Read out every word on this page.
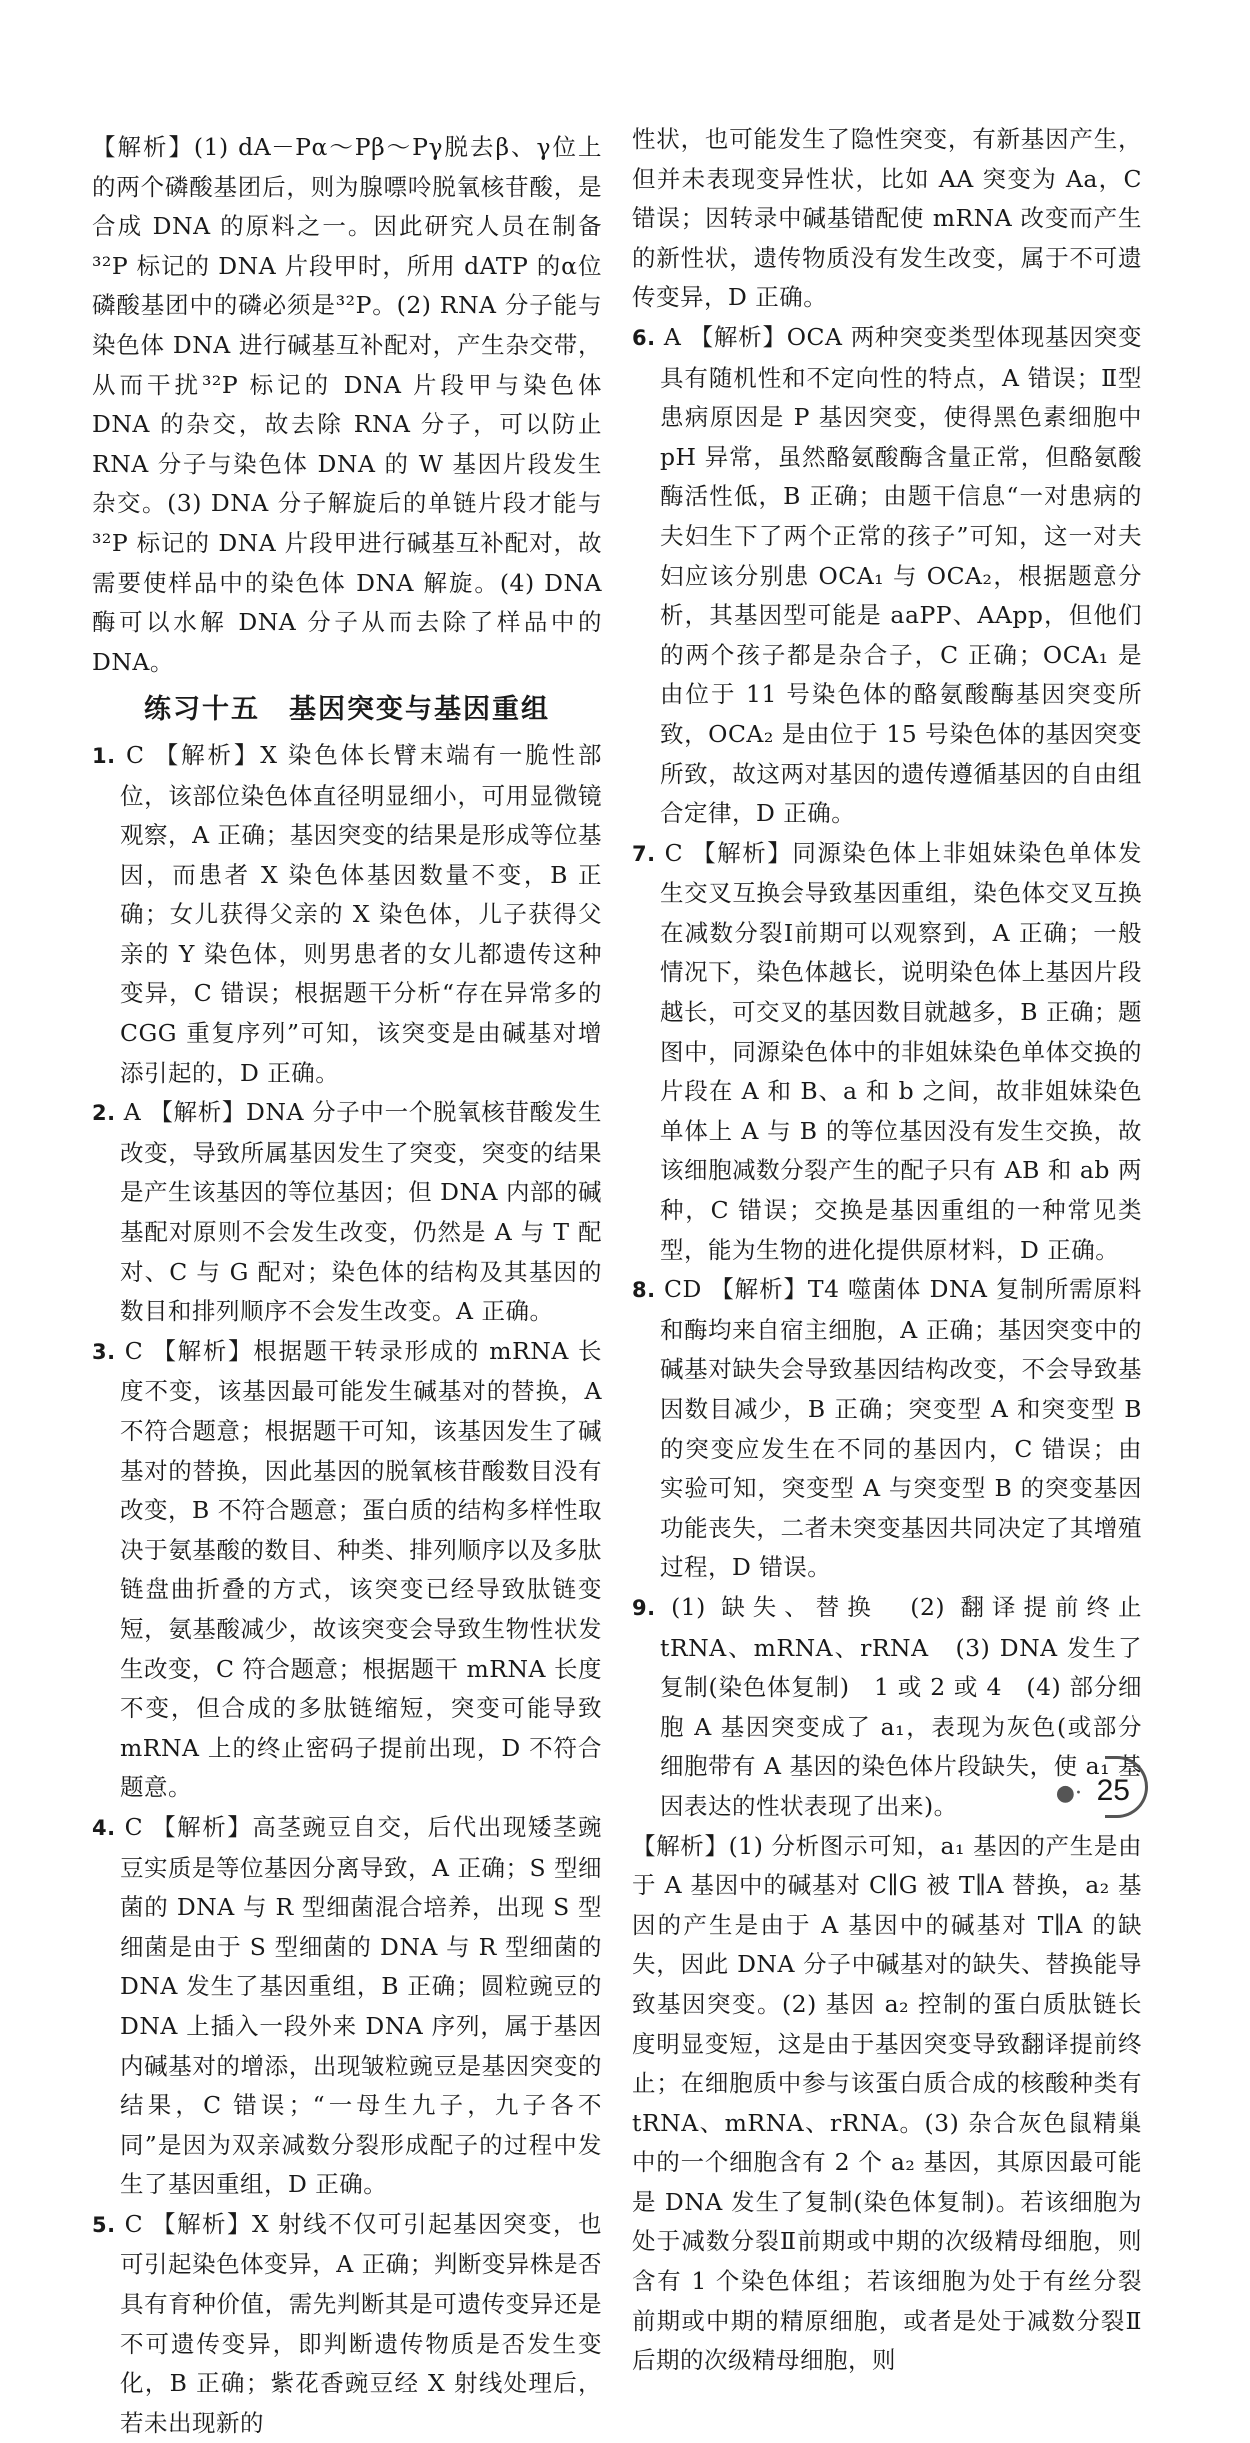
【解析】(1) dA－Pα～Pβ～Pγ脱去β、γ位上的两个磷酸基团后，则为腺嘌呤脱氧核苷酸，是合成 DNA 的原料之一。因此研究人员在制备³²P 标记的 DNA 片段甲时，所用 dATP 的α位磷酸基团中的磷必须是³²P。(2) RNA 分子能与染色体 DNA 进行碱基互补配对，产生杂交带，从而干扰³²P 标记的 DNA 片段甲与染色体 DNA 的杂交，故去除 RNA 分子，可以防止 RNA 分子与染色体 DNA 的 W 基因片段发生杂交。(3) DNA 分子解旋后的单链片段才能与³²P 标记的 DNA 片段甲进行碱基互补配对，故需要使样品中的染色体 DNA 解旋。(4) DNA 酶可以水解 DNA 分子从而去除了样品中的 DNA。

练习十五　基因突变与基因重组

1. C 【解析】X 染色体长臂末端有一脆性部位，该部位染色体直径明显细小，可用显微镜观察，A 正确；基因突变的结果是形成等位基因，而患者 X 染色体基因数量不变，B 正确；女儿获得父亲的 X 染色体，儿子获得父亲的 Y 染色体，则男患者的女儿都遗传这种变异，C 错误；根据题干分析“存在异常多的 CGG 重复序列”可知，该突变是由碱基对增添引起的，D 正确。

2. A 【解析】DNA 分子中一个脱氧核苷酸发生改变，导致所属基因发生了突变，突变的结果是产生该基因的等位基因；但 DNA 内部的碱基配对原则不会发生改变，仍然是 A 与 T 配对、C 与 G 配对；染色体的结构及其基因的数目和排列顺序不会发生改变。A 正确。

3. C 【解析】根据题干转录形成的 mRNA 长度不变，该基因最可能发生碱基对的替换，A 不符合题意；根据题干可知，该基因发生了碱基对的替换，因此基因的脱氧核苷酸数目没有改变，B 不符合题意；蛋白质的结构多样性取决于氨基酸的数目、种类、排列顺序以及多肽链盘曲折叠的方式，该突变已经导致肽链变短，氨基酸减少，故该突变会导致生物性状发生改变，C 符合题意；根据题干 mRNA 长度不变，但合成的多肽链缩短，突变可能导致 mRNA 上的终止密码子提前出现，D 不符合题意。

4. C 【解析】高茎豌豆自交，后代出现矮茎豌豆实质是等位基因分离导致，A 正确；S 型细菌的 DNA 与 R 型细菌混合培养，出现 S 型细菌是由于 S 型细菌的 DNA 与 R 型细菌的 DNA 发生了基因重组，B 正确；圆粒豌豆的 DNA 上插入一段外来 DNA 序列，属于基因内碱基对的增添，出现皱粒豌豆是基因突变的结果，C 错误；“一母生九子，九子各不同”是因为双亲减数分裂形成配子的过程中发生了基因重组，D 正确。

5. C 【解析】X 射线不仅可引起基因突变，也可引起染色体变异，A 正确；判断变异株是否具有育种价值，需先判断其是可遗传变异还是不可遗传变异，即判断遗传物质是否发生变化，B 正确；紫花香豌豆经 X 射线处理后，若未出现新的

性状，也可能发生了隐性突变，有新基因产生，但并未表现变异性状，比如 AA 突变为 Aa，C 错误；因转录中碱基错配使 mRNA 改变而产生的新性状，遗传物质没有发生改变，属于不可遗传变异，D 正确。

6. A 【解析】OCA 两种突变类型体现基因突变具有随机性和不定向性的特点，A 错误；Ⅱ型患病原因是 P 基因突变，使得黑色素细胞中 pH 异常，虽然酪氨酸酶含量正常，但酪氨酸酶活性低，B 正确；由题干信息“一对患病的夫妇生下了两个正常的孩子”可知，这一对夫妇应该分别患 OCA₁ 与 OCA₂，根据题意分析，其基因型可能是 aaPP、AApp，但他们的两个孩子都是杂合子，C 正确；OCA₁ 是由位于 11 号染色体的酪氨酸酶基因突变所致，OCA₂ 是由位于 15 号染色体的基因突变所致，故这两对基因的遗传遵循基因的自由组合定律，D 正确。

7. C 【解析】同源染色体上非姐妹染色单体发生交叉互换会导致基因重组，染色体交叉互换在减数分裂Ⅰ前期可以观察到，A 正确；一般情况下，染色体越长，说明染色体上基因片段越长，可交叉的基因数目就越多，B 正确；题图中，同源染色体中的非姐妹染色单体交换的片段在 A 和 B、a 和 b 之间，故非姐妹染色单体上 A 与 B 的等位基因没有发生交换，故该细胞减数分裂产生的配子只有 AB 和 ab 两种，C 错误；交换是基因重组的一种常见类型，能为生物的进化提供原材料，D 正确。

8. CD 【解析】T4 噬菌体 DNA 复制所需原料和酶均来自宿主细胞，A 正确；基因突变中的碱基对缺失会导致基因结构改变，不会导致基因数目减少，B 正确；突变型 A 和突变型 B 的突变应发生在不同的基因内，C 错误；由实验可知，突变型 A 与突变型 B 的突变基因功能丧失，二者未突变基因共同决定了其增殖过程，D 错误。

9. (1) 缺失、替换　(2) 翻译提前终止　tRNA、mRNA、rRNA　(3) DNA 发生了复制(染色体复制)　1 或 2 或 4　(4) 部分细胞 A 基因突变成了 a₁，表现为灰色(或部分细胞带有 A 基因的染色体片段缺失，使 a₁ 基因表达的性状表现了出来)。

【解析】(1) 分析图示可知，a₁ 基因的产生是由于 A 基因中的碱基对 C∥G 被 T∥A 替换，a₂ 基因的产生是由于 A 基因中的碱基对 T∥A 的缺失，因此 DNA 分子中碱基对的缺失、替换能导致基因突变。(2) 基因 a₂ 控制的蛋白质肽链长度明显变短，这是由于基因突变导致翻译提前终止；在细胞质中参与该蛋白质合成的核酸种类有 tRNA、mRNA、rRNA。(3) 杂合灰色鼠精巢中的一个细胞含有 2 个 a₂ 基因，其原因最可能是 DNA 发生了复制(染色体复制)。若该细胞为处于减数分裂Ⅱ前期或中期的次级精母细胞，则含有 1 个染色体组；若该细胞为处于有丝分裂前期或中期的精原细胞，或者是处于减数分裂Ⅱ后期的次级精母细胞，则

●· 25
